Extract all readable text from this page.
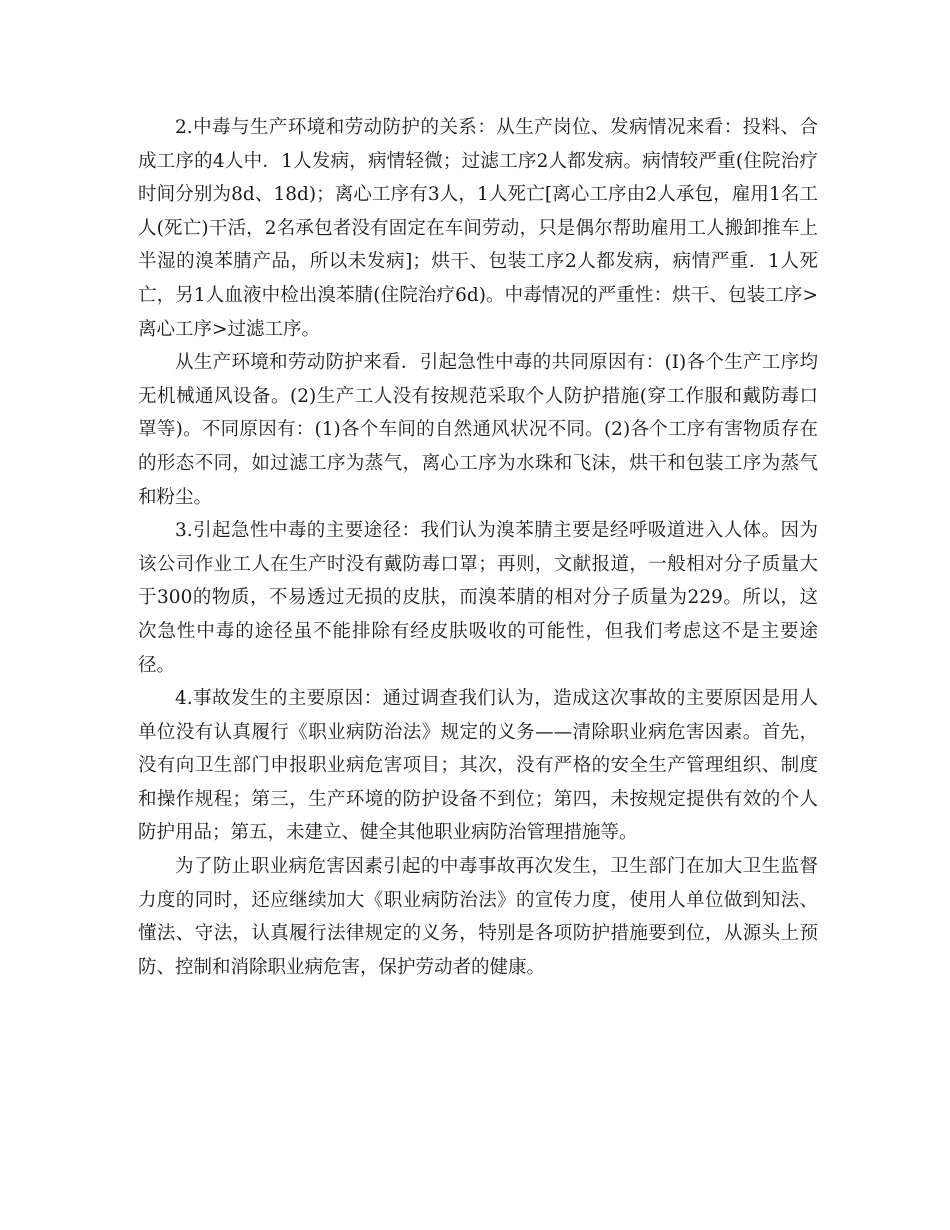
2.中毒与生产环境和劳动防护的关系：从生产岗位、发病情况来看：投料、合成工序的4人中．1人发病，病情轻微；过滤工序2人都发病。病情较严重(住院治疗时间分别为8d、18d)；离心工序有3人，1人死亡[离心工序由2人承包，雇用1名工人(死亡)干活，2名承包者没有固定在车间劳动，只是偶尔帮助雇用工人搬卸推车上半湿的溴苯腈产品，所以未发病]；烘干、包装工序2人都发病，病情严重．1人死亡，另1人血液中检出溴苯腈(住院治疗6d)。中毒情况的严重性：烘干、包装工序>离心工序>过滤工序。

从生产环境和劳动防护来看．引起急性中毒的共同原因有：(I)各个生产工序均无机械通风设备。(2)生产工人没有按规范采取个人防护措施(穿工作服和戴防毒口罩等)。不同原因有：(1)各个车间的自然通风状况不同。(2)各个工序有害物质存在的形态不同，如过滤工序为蒸气，离心工序为水珠和飞沫，烘干和包装工序为蒸气和粉尘。

3.引起急性中毒的主要途径：我们认为溴苯腈主要是经呼吸道进入人体。因为该公司作业工人在生产时没有戴防毒口罩；再则，文献报道，一般相对分子质量大于300的物质，不易透过无损的皮肤，而溴苯腈的相对分子质量为229。所以，这次急性中毒的途径虽不能排除有经皮肤吸收的可能性，但我们考虑这不是主要途径。

4.事故发生的主要原因：通过调查我们认为，造成这次事故的主要原因是用人单位没有认真履行《职业病防治法》规定的义务——清除职业病危害因素。首先，没有向卫生部门申报职业病危害项目；其次，没有严格的安全生产管理组织、制度和操作规程；第三，生产环境的防护设备不到位；第四，未按规定提供有效的个人防护用品；第五，未建立、健全其他职业病防治管理措施等。

为了防止职业病危害因素引起的中毒事故再次发生，卫生部门在加大卫生监督力度的同时，还应继续加大《职业病防治法》的宣传力度，使用人单位做到知法、懂法、守法，认真履行法律规定的义务，特别是各项防护措施要到位，从源头上预防、控制和消除职业病危害，保护劳动者的健康。
